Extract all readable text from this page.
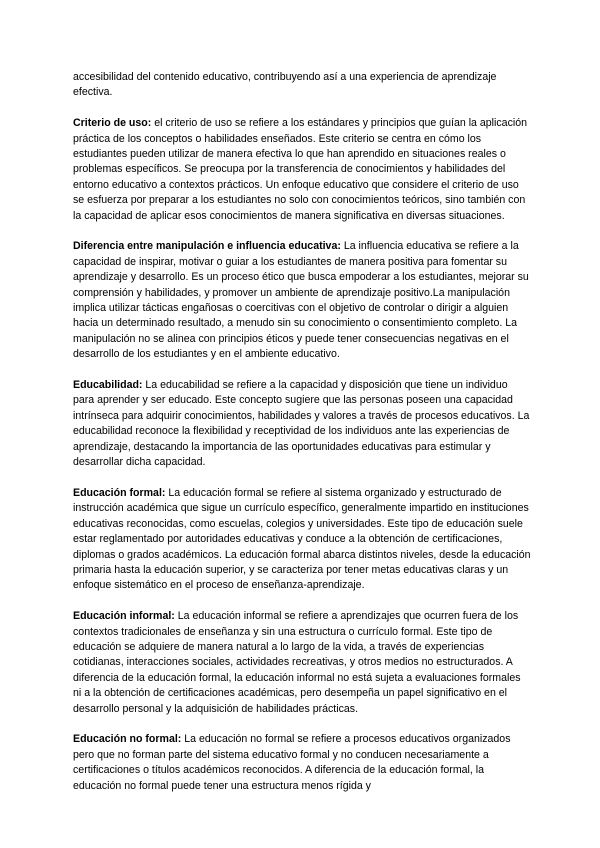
accesibilidad del contenido educativo, contribuyendo así a una experiencia de aprendizaje efectiva.

Criterio de uso: el criterio de uso se refiere a los estándares y principios que guían la aplicación práctica de los conceptos o habilidades enseñados. Este criterio se centra en cómo los estudiantes pueden utilizar de manera efectiva lo que han aprendido en situaciones reales o problemas específicos. Se preocupa por la transferencia de conocimientos y habilidades del entorno educativo a contextos prácticos. Un enfoque educativo que considere el criterio de uso se esfuerza por preparar a los estudiantes no solo con conocimientos teóricos, sino también con la capacidad de aplicar esos conocimientos de manera significativa en diversas situaciones.

Diferencia entre manipulación e influencia educativa: La influencia educativa se refiere a la capacidad de inspirar, motivar o guiar a los estudiantes de manera positiva para fomentar su aprendizaje y desarrollo. Es un proceso ético que busca empoderar a los estudiantes, mejorar su comprensión y habilidades, y promover un ambiente de aprendizaje positivo.La manipulación implica utilizar tácticas engañosas o coercitivas con el objetivo de controlar o dirigir a alguien hacia un determinado resultado, a menudo sin su conocimiento o consentimiento completo. La manipulación no se alinea con principios éticos y puede tener consecuencias negativas en el desarrollo de los estudiantes y en el ambiente educativo.

Educabilidad: La educabilidad se refiere a la capacidad y disposición que tiene un individuo para aprender y ser educado. Este concepto sugiere que las personas poseen una capacidad intrínseca para adquirir conocimientos, habilidades y valores a través de procesos educativos. La educabilidad reconoce la flexibilidad y receptividad de los individuos ante las experiencias de aprendizaje, destacando la importancia de las oportunidades educativas para estimular y desarrollar dicha capacidad.

Educación formal: La educación formal se refiere al sistema organizado y estructurado de instrucción académica que sigue un currículo específico, generalmente impartido en instituciones educativas reconocidas, como escuelas, colegios y universidades. Este tipo de educación suele estar reglamentado por autoridades educativas y conduce a la obtención de certificaciones, diplomas o grados académicos. La educación formal abarca distintos niveles, desde la educación primaria hasta la educación superior, y se caracteriza por tener metas educativas claras y un enfoque sistemático en el proceso de enseñanza-aprendizaje.

Educación informal: La educación informal se refiere a aprendizajes que ocurren fuera de los contextos tradicionales de enseñanza y sin una estructura o currículo formal. Este tipo de educación se adquiere de manera natural a lo largo de la vida, a través de experiencias cotidianas, interacciones sociales, actividades recreativas, y otros medios no estructurados. A diferencia de la educación formal, la educación informal no está sujeta a evaluaciones formales ni a la obtención de certificaciones académicas, pero desempeña un papel significativo en el desarrollo personal y la adquisición de habilidades prácticas.

Educación no formal: La educación no formal se refiere a procesos educativos organizados pero que no forman parte del sistema educativo formal y no conducen necesariamente a certificaciones o títulos académicos reconocidos. A diferencia de la educación formal, la educación no formal puede tener una estructura menos rígida y
